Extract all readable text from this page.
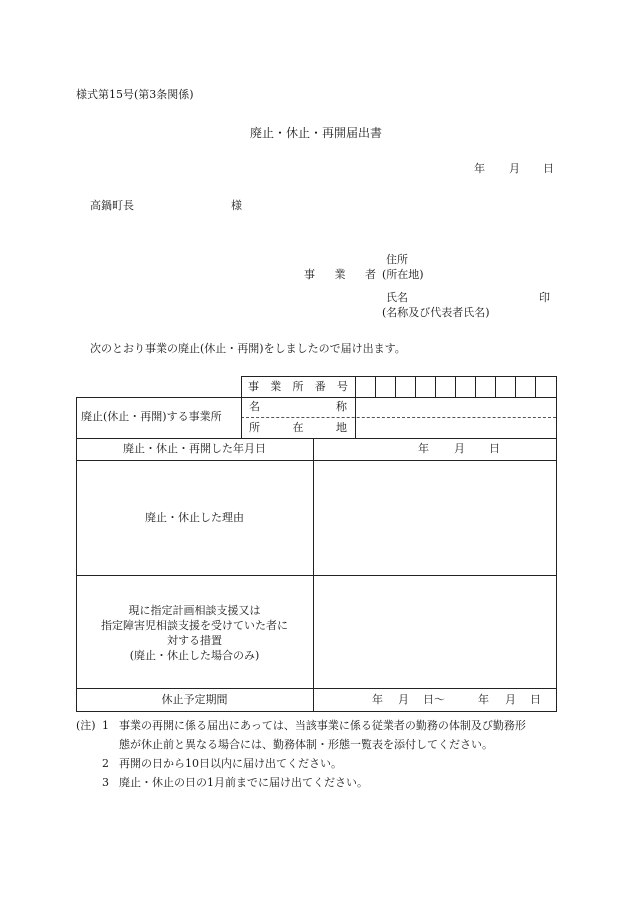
様式第15号(第3条関係)
廃止・休止・再開届出書
年 月 日
高鍋町長	様
住所
事 業 者 (所在地)
氏名	印
(名称及び代表者氏名)
次のとおり事業の廃止(休止・再開)をしましたので届け出ます。
事 業 所 番 号
廃止(休止・再開)する事業所
名	称
所	在	地
廃止・休止・再開した年月日	年 月 日
廃止・休止した理由
現に指定計画相談支援又は
指定障害児相談支援を受けていた者に
対する措置
(廃止・休止した場合のみ)
休止予定期間	年 月 日〜	年 月 日
(注) 1 事業の再開に係る届出にあっては、当該事業に係る従業者の勤務の体制及び勤務形
態が休止前と異なる場合には、勤務体制・形態一覧表を添付してください。
2 再開の日から10日以内に届け出てください。
3 廃止・休止の日の1月前までに届け出てください。
